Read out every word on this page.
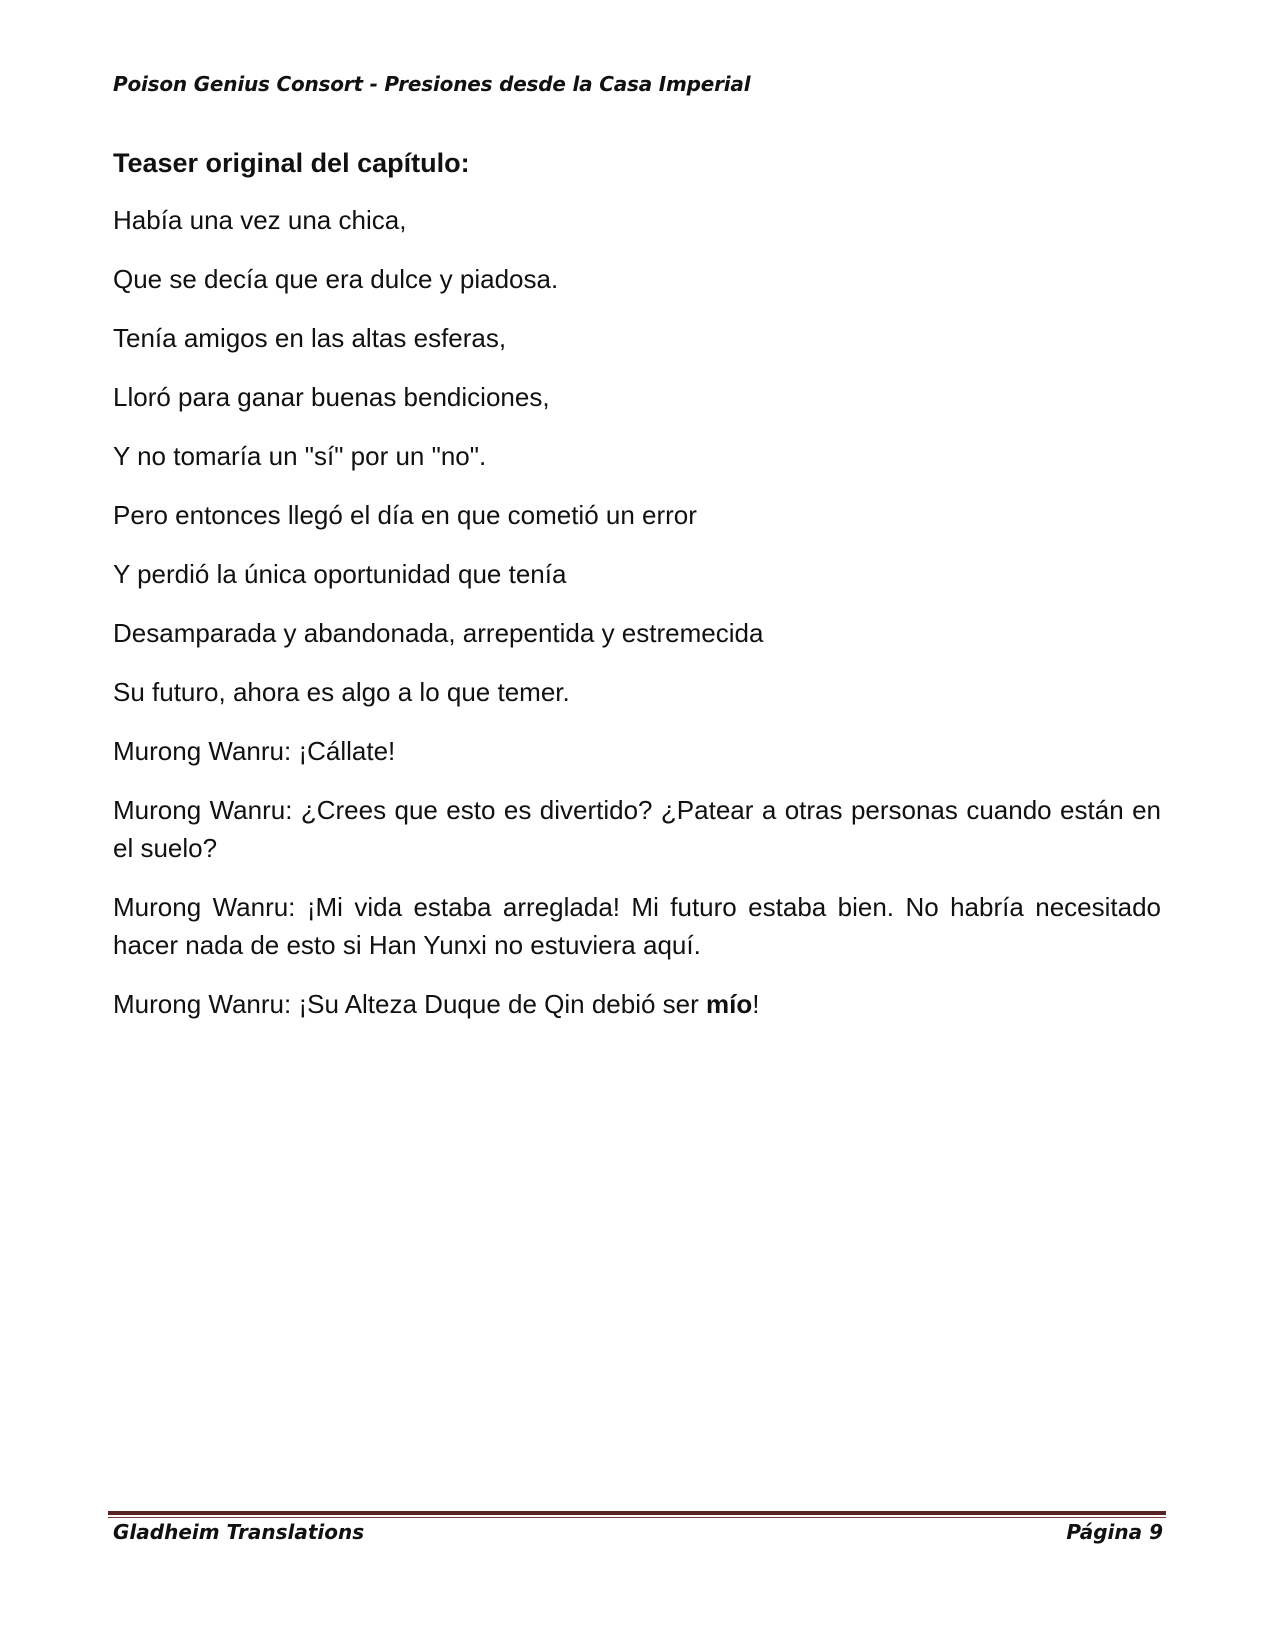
Poison Genius Consort - Presiones desde la Casa Imperial
Teaser original del capítulo:
Había una vez una chica,
Que se decía que era dulce y piadosa.
Tenía amigos en las altas esferas,
Lloró para ganar buenas bendiciones,
Y no tomaría un "sí" por un "no".
Pero entonces llegó el día en que cometió un error
Y perdió la única oportunidad que tenía
Desamparada y abandonada, arrepentida y estremecida
Su futuro, ahora es algo a lo que temer.
Murong Wanru: ¡Cállate!
Murong Wanru: ¿Crees que esto es divertido? ¿Patear a otras personas cuando están en el suelo?
Murong Wanru: ¡Mi vida estaba arreglada! Mi futuro estaba bien. No habría necesitado hacer nada de esto si Han Yunxi no estuviera aquí.
Murong Wanru: ¡Su Alteza Duque de Qin debió ser mío!
Gladheim Translations	Página 9
